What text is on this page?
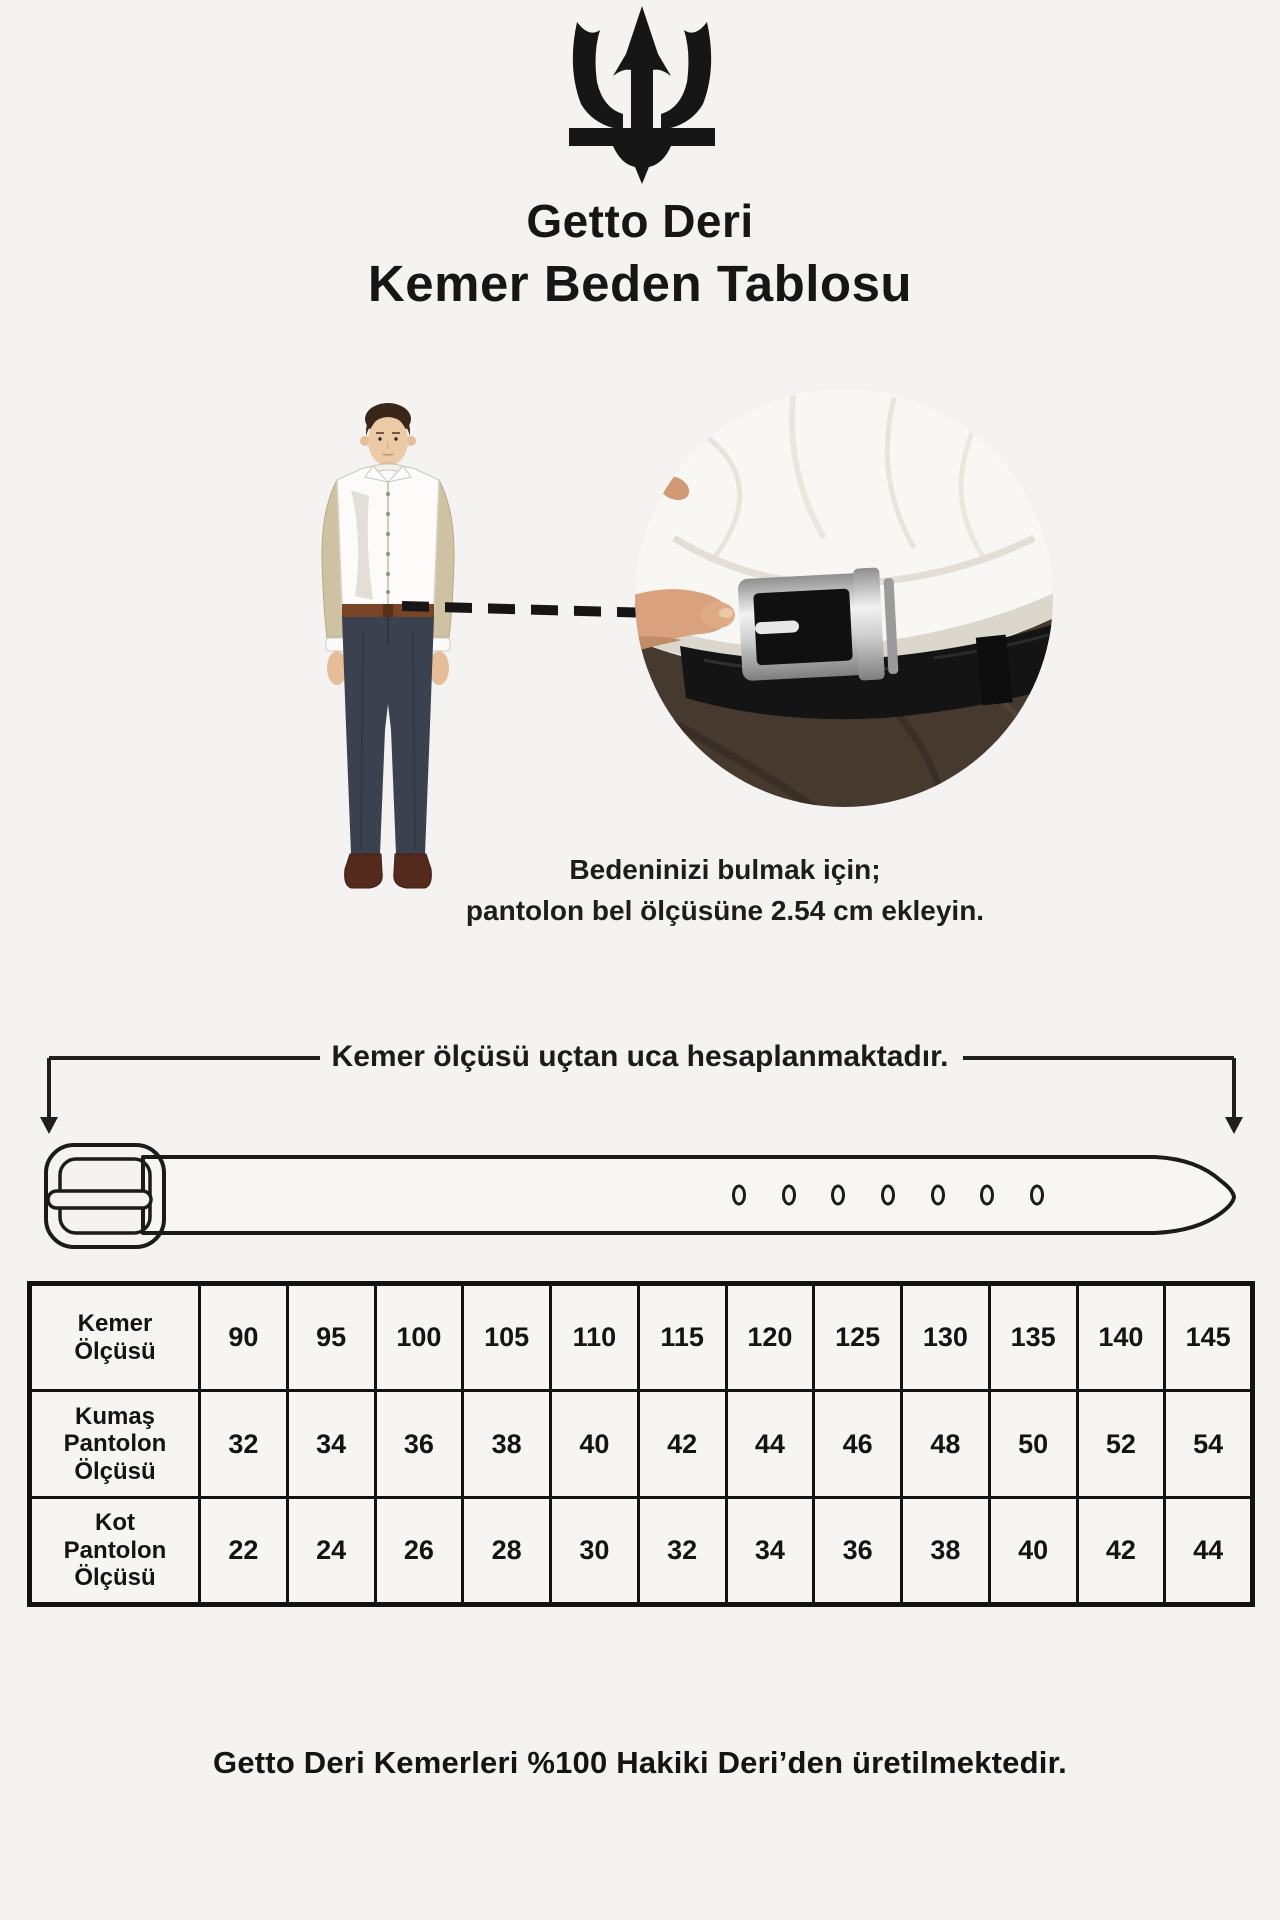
Getto Deri
Kemer Beden Tablosu
Bedeninizi bulmak için;
pantolon bel ölçüsüne 2.54 cm ekleyin.
Kemer ölçüsü uçtan uca hesaplanmaktadır.
Kemer Ölçüsü	90	95	100	105	110	115	120	125	130	135	140	145
Kumaş Pantolon Ölçüsü	32	34	36	38	40	42	44	46	48	50	52	54
Kot Pantolon Ölçüsü	22	24	26	28	30	32	34	36	38	40	42	44
Getto Deri Kemerleri %100 Hakiki Deri’den üretilmektedir.
